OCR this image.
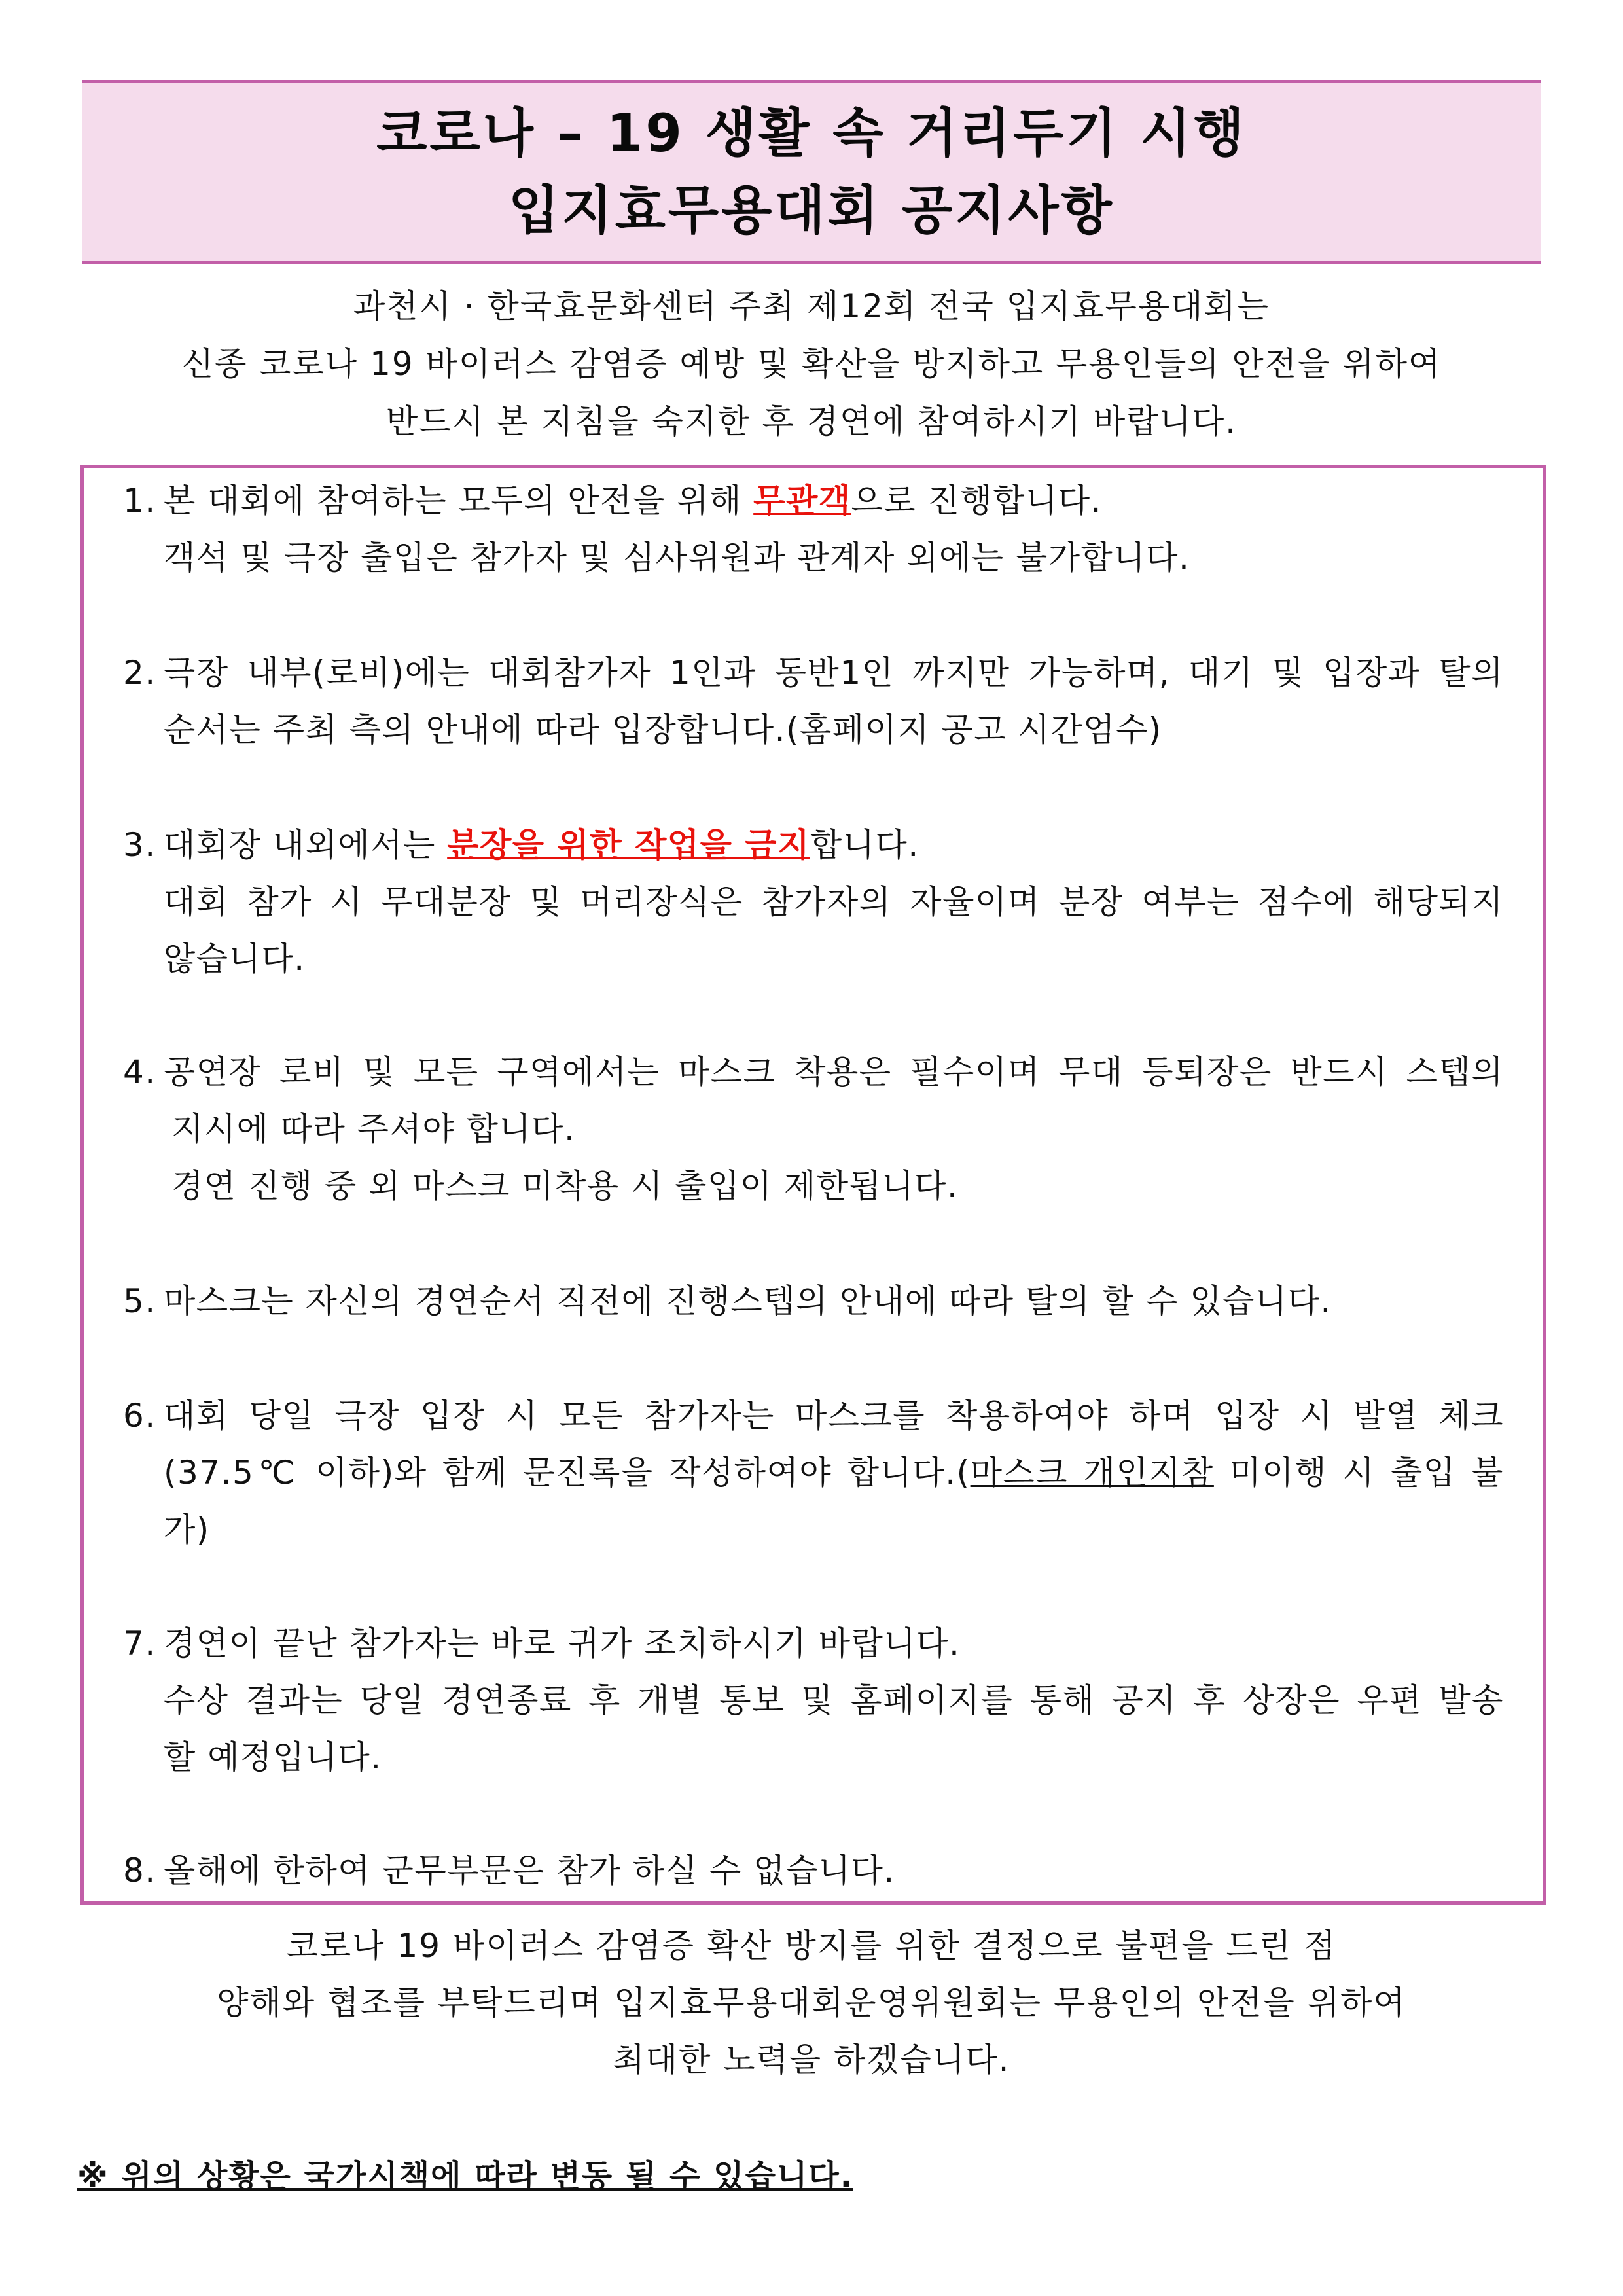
코로나 – 19 생활 속 거리두기 시행
입지효무용대회 공지사항
과천시 · 한국효문화센터 주최 제12회 전국 입지효무용대회는
신종 코로나 19 바이러스 감염증 예방 및 확산을 방지하고 무용인들의 안전을 위하여
반드시 본 지침을 숙지한 후 경연에 참여하시기 바랍니다.
1. 본 대회에 참여하는 모두의 안전을 위해 무관객으로 진행합니다.
객석 및 극장 출입은 참가자 및 심사위원과 관계자 외에는 불가합니다.
2. 극장 내부(로비)에는 대회참가자 1인과 동반1인 까지만 가능하며, 대기 및 입장과 탈의
순서는 주최 측의 안내에 따라 입장합니다.(홈페이지 공고 시간엄수)
3. 대회장 내외에서는 분장을 위한 작업을 금지합니다.
대회 참가 시 무대분장 및 머리장식은 참가자의 자율이며 분장 여부는 점수에 해당되지
않습니다.
4. 공연장 로비 및 모든 구역에서는 마스크 착용은 필수이며 무대 등퇴장은 반드시 스텝의
지시에 따라 주셔야 합니다.
경연 진행 중 외 마스크 미착용 시 출입이 제한됩니다.
5. 마스크는 자신의 경연순서 직전에 진행스텝의 안내에 따라 탈의 할 수 있습니다.
6. 대회 당일 극장 입장 시 모든 참가자는 마스크를 착용하여야 하며 입장 시 발열 체크
(37.5℃ 이하)와 함께 문진록을 작성하여야 합니다.(마스크 개인지참 미이행 시 출입 불
가)
7. 경연이 끝난 참가자는 바로 귀가 조치하시기 바랍니다.
수상 결과는 당일 경연종료 후 개별 통보 및 홈페이지를 통해 공지 후 상장은 우편 발송
할 예정입니다.
8. 올해에 한하여 군무부문은 참가 하실 수 없습니다.
코로나 19 바이러스 감염증 확산 방지를 위한 결정으로 불편을 드린 점
양해와 협조를 부탁드리며 입지효무용대회운영위원회는 무용인의 안전을 위하여
최대한 노력을 하겠습니다.
※ 위의 상황은 국가시책에 따라 변동 될 수 있습니다.
